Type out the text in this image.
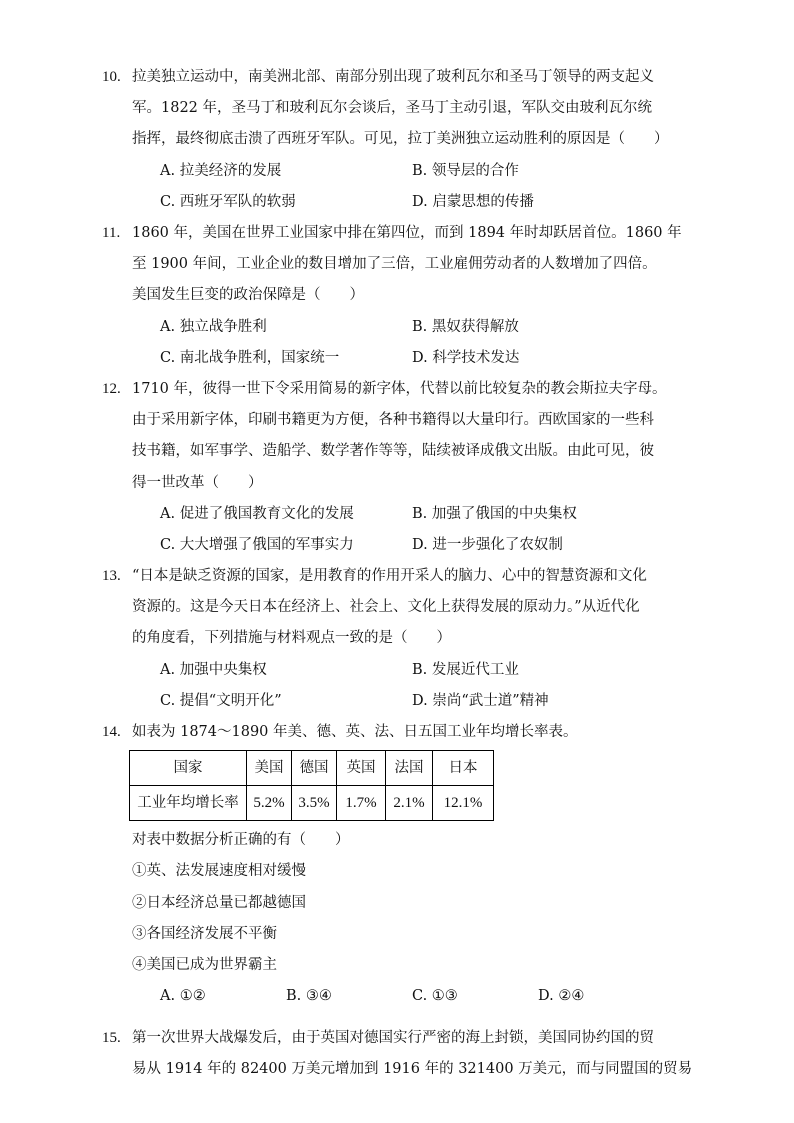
10. 拉美独立运动中，南美洲北部、南部分别出现了玻利瓦尔和圣马丁领导的两支起义
军。1822 年，圣马丁和玻利瓦尔会谈后，圣马丁主动引退，军队交由玻利瓦尔统
指挥，最终彻底击溃了西班牙军队。可见，拉丁美洲独立运动胜利的原因是（　　）
A. 拉美经济的发展	B. 领导层的合作
C. 西班牙军队的软弱	D. 启蒙思想的传播
11. 1860 年，美国在世界工业国家中排在第四位，而到 1894 年时却跃居首位。1860 年
至 1900 年间，工业企业的数目增加了三倍，工业雇佣劳动者的人数增加了四倍。
美国发生巨变的政治保障是（　　）
A. 独立战争胜利	B. 黑奴获得解放
C. 南北战争胜利，国家统一	D. 科学技术发达
12. 1710 年，彼得一世下令采用简易的新字体，代替以前比较复杂的教会斯拉夫字母。
由于采用新字体，印刷书籍更为方便，各种书籍得以大量印行。西欧国家的一些科
技书籍，如军事学、造船学、数学著作等等，陆续被译成俄文出版。由此可见，彼
得一世改革（　　）
A. 促进了俄国教育文化的发展	B. 加强了俄国的中央集权
C. 大大增强了俄国的军事实力	D. 进一步强化了农奴制
13. “日本是缺乏资源的国家，是用教育的作用开采人的脑力、心中的智慧资源和文化
资源的。这是今天日本在经济上、社会上、文化上获得发展的原动力。”从近代化
的角度看，下列措施与材料观点一致的是（　　）
A. 加强中央集权	B. 发展近代工业
C. 提倡“文明开化”	D. 崇尚“武士道”精神
14. 如表为 1874～1890 年美、德、英、法、日五国工业年均增长率表。
国家	美国	德国	英国	法国	日本
工业年均增长率	5.2%	3.5%	1.7%	2.1%	12.1%
对表中数据分析正确的有（　　）
①英、法发展速度相对缓慢
②日本经济总量已都越德国
③各国经济发展不平衡
④美国已成为世界霸主
A. ①②	B. ③④	C. ①③	D. ②④
15. 第一次世界大战爆发后，由于英国对德国实行严密的海上封锁，美国同协约国的贸
易从 1914 年的 82400 万美元增加到 1916 年的 321400 万美元，而与同盟国的贸易
